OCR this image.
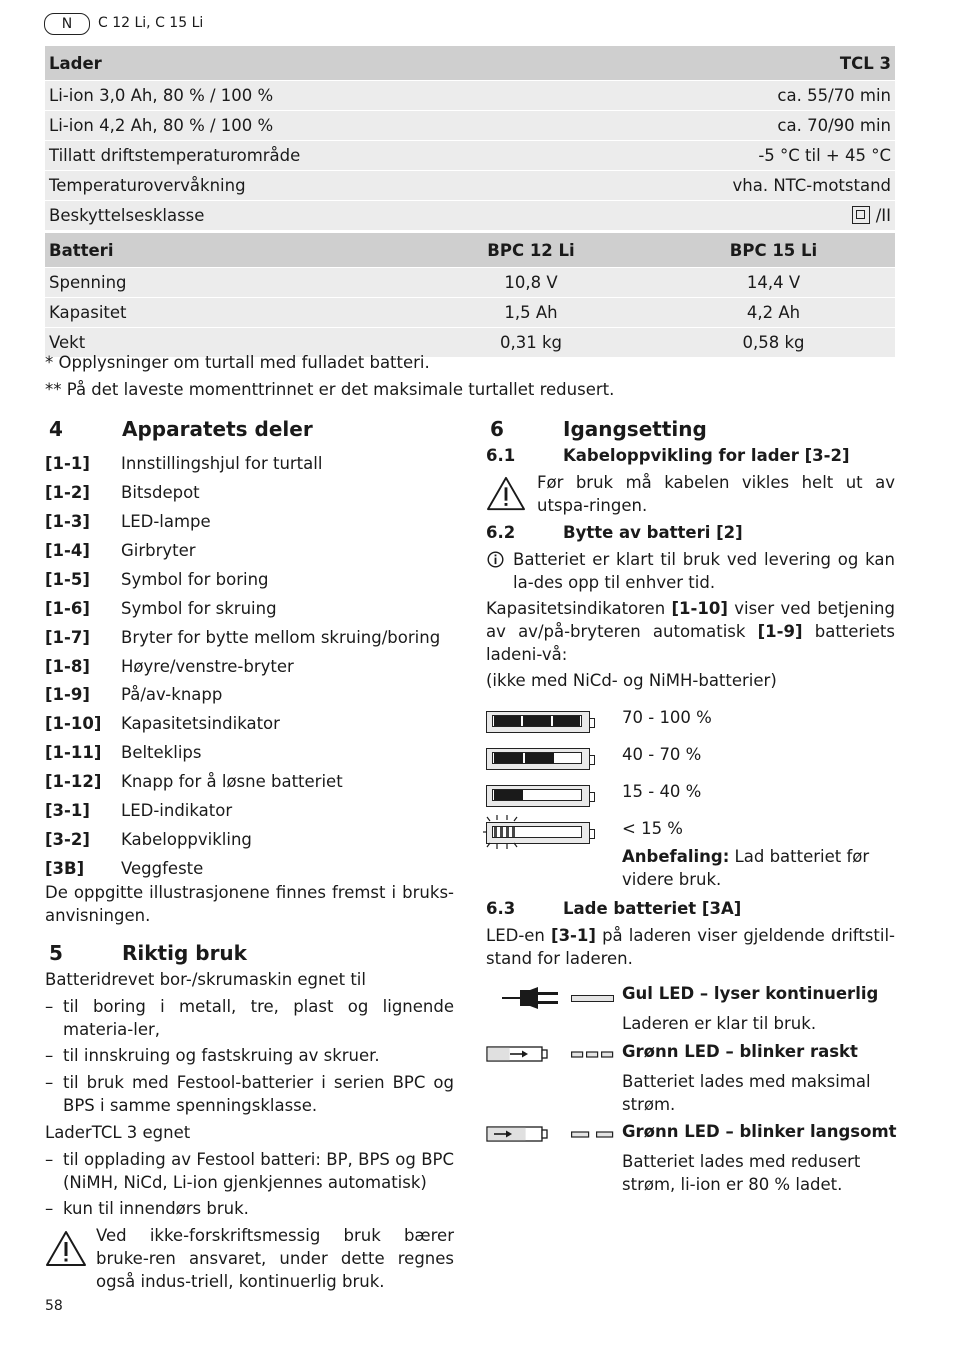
N	C 12 Li, C 15 Li
Lader	TCL 3
Li-ion 3,0 Ah, 80 % / 100 %	ca. 55/70 min
Li-ion 4,2 Ah, 80 % / 100 %	ca. 70/90 min
Tillatt driftstemperaturområde	-5 °C til + 45 °C
Temperaturovervåkning	vha. NTC-motstand
Beskyttelsesklasse	/II
Batteri	BPC 12 Li	BPC 15 Li
Spenning	10,8 V	14,4 V
Kapasitet	1,5 Ah	4,2 Ah
Vekt	0,31 kg	0,58 kg
* Opplysninger om turtall med fulladet batteri.
** På det laveste momenttrinnet er det maksimale turtallet redusert.
4	Apparatets deler
[1-1] Innstillingshjul for turtall
[1-2] Bitsdepot
[1-3] LED-lampe
[1-4] Girbryter
[1-5] Symbol for boring
[1-6] Symbol for skruing
[1-7] Bryter for bytte mellom skruing/boring
[1-8] Høyre/venstre-bryter
[1-9] På/av-knapp
[1-10] Kapasitetsindikator
[1-11] Belteklips
[1-12] Knapp for å løsne batteriet
[3-1] LED-indikator
[3-2] Kabeloppvikling
[3B] Veggfeste
De oppgitte illustrasjonene finnes fremst i bruks-anvisningen.
5	Riktig bruk
Batteridrevet bor-/skrumaskin egnet til
– til boring i metall, tre, plast og lignende materia-ler,
– til innskruing og fastskruing av skruer.
– til bruk med Festool-batterier i serien BPC og BPS i samme spenningsklasse.
LaderTCL 3 egnet
– til opplading av Festool batteri: BP, BPS og BPC (NiMH, NiCd, Li-ion gjenkjennes automatisk)
– kun til innendørs bruk.
Ved ikke-forskriftsmessig bruk bærer bruke-ren ansvaret, under dette regnes også indus-triell, kontinuerlig bruk.
6	Igangsetting
6.1	Kabeloppvikling for lader [3-2]
Før bruk må kabelen vikles helt ut av utspa-ringen.
6.2	Bytte av batteri [2]
Batteriet er klart til bruk ved levering og kan la-des opp til enhver tid.
Kapasitetsindikatoren [1-10] viser ved betjening av av/på-bryteren automatisk [1-9] batteriets ladeni-vå:
(ikke med NiCd- og NiMH-batterier)
70 - 100 %
40 - 70 %
15 - 40 %
< 15 %
Anbefaling: Lad batteriet før videre bruk.
6.3	Lade batteriet [3A]
LED-en [3-1] på laderen viser gjeldende driftstil-stand for laderen.
Gul LED – lyser kontinuerlig
Laderen er klar til bruk.
Grønn LED – blinker raskt
Batteriet lades med maksimal strøm.
Grønn LED – blinker langsomt
Batteriet lades med redusert strøm, li-ion er 80 % ladet.
58
